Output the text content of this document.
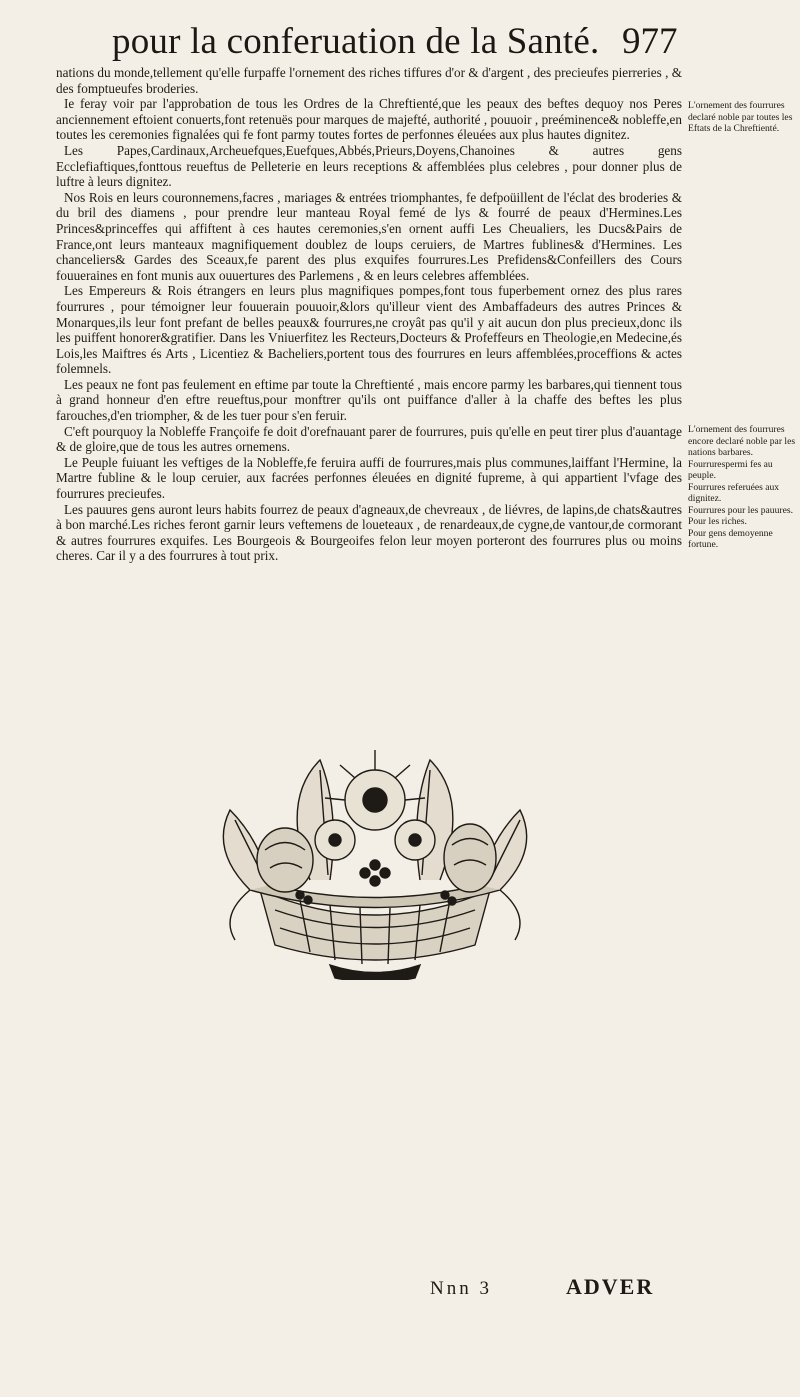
pour la conferuation de la Santé. 977

nations du monde,tellement qu'elle furpaffe l'ornement des riches tiffures d'or & d'argent , des precieufes pierreries , & des fomptueufes broderies.

Ie feray voir par l'approbation de tous les Ordres de la Chreftienté,que les peaux des beftes dequoy nos Peres anciennement eftoient conuerts,font retenuës pour marques de majefté, authorité , pouuoir , preéminence& nobleffe,en toutes les ceremonies fignalées qui fe font parmy toutes fortes de perfonnes éleuées aux plus hautes dignitez.

Les Papes,Cardinaux,Archeuefques,Euefques,Abbés,Prieurs,Doyens,Chanoines & autres gens Ecclefiaftiques,fonttous reueftus de Pelleterie en leurs receptions & affemblées plus celebres , pour donner plus de luftre à leurs dignitez.

Nos Rois en leurs couronnemens,facres , mariages & entrées triomphantes, fe defpoüillent de l'éclat des broderies & du bril des diamens , pour prendre leur manteau Royal femé de lys & fourré de peaux d'Hermines.Les Princes&princeffes qui affiftent à ces hautes ceremonies,s'en ornent auffi Les Cheualiers, les Ducs&Pairs de France,ont leurs manteaux magnifiquement doublez de loups ceruiers, de Martres fublines& d'Hermines. Les chanceliers& Gardes des Sceaux,fe parent des plus exquifes fourrures.Les Prefidens&Confeillers des Cours fouueraines en font munis aux ouuertures des Parlemens , & en leurs celebres affemblées.

Les Empereurs & Rois étrangers en leurs plus magnifiques pompes,font tous fuperbement ornez des plus rares fourrures , pour témoigner leur fouuerain pouuoir,&lors qu'illeur vient des Ambaffadeurs des autres Princes & Monarques,ils leur font prefant de belles peaux& fourrures,ne croyât pas qu'il y ait aucun don plus precieux,donc ils les puiffent honorer&gratifier. Dans les Vniuerfitez les Recteurs,Docteurs & Profeffeurs en Theologie,en Medecine,és Lois,les Maiftres és Arts , Licentiez & Bacheliers,portent tous des fourrures en leurs affemblées,proceffions & actes folemnels.

Les peaux ne font pas feulement en eftime par toute la Chreftienté , mais encore parmy les barbares,qui tiennent tous à grand honneur d'en eftre reueftus,pour monftrer qu'ils ont puiffance d'aller à la chaffe des beftes les plus farouches,d'en triompher, & de les tuer pour s'en feruir.

C'eft pourquoy la Nobleffe Françoife fe doit d'orefnauant parer de fourrures, puis qu'elle en peut tirer plus d'auantage & de gloire,que de tous les autres ornemens.

Le Peuple fuiuant les veftiges de la Nobleffe,fe feruira auffi de fourrures,mais plus communes,laiffant l'Hermine, la Martre fubline & le loup ceruier, aux facrées perfonnes éleuées en dignité fupreme, à qui appartient l'vfage des fourrures precieufes.

Les pauures gens auront leurs habits fourrez de peaux d'agneaux,de chevreaux , de liévres, de lapins,de chats&autres à bon marché.Les riches feront garnir leurs veftemens de loueteaux , de renardeaux,de cygne,de vantour,de cormorant & autres fourrures exquifes. Les Bourgeois & Bourgeoifes felon leur moyen porteront des fourrures plus ou moins cheres. Car il y a des fourrures à tout prix.

L'ornement des fourrures declaré noble par toutes les Eftats de la Chreftienté.

L'ornement des fourrures encore declaré noble par les nations barbares.

Fourrurespermi fes au peuple.

Fourrures referuées aux dignitez.

Fourrures pour les pauures.

Pour les riches.

Pour gens demoyenne fortune.

Nnn 3	ADVER
